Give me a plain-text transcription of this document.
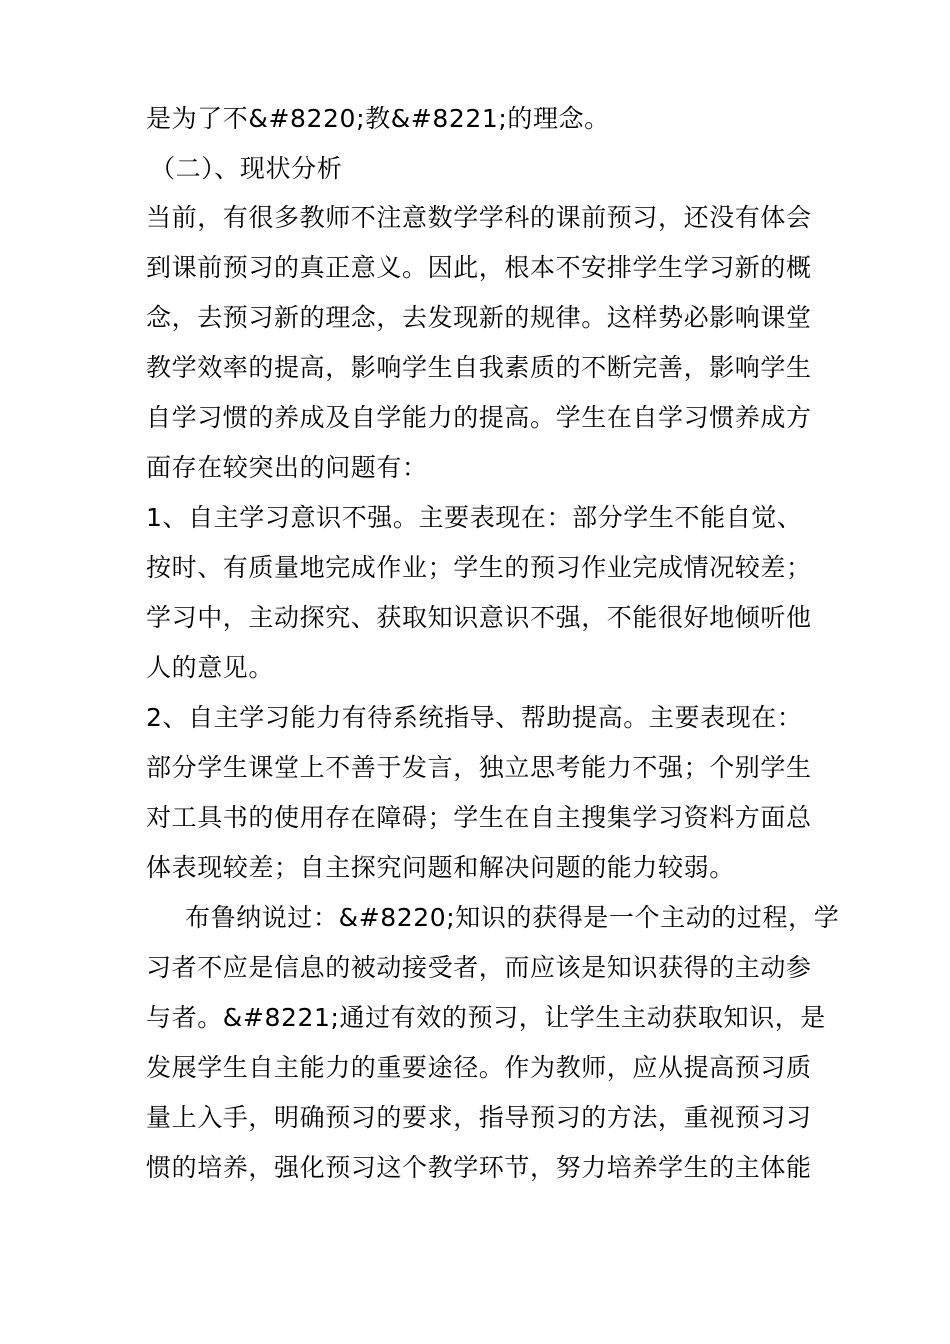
是为了不&#8220;教&#8221;的理念。
（二）、现状分析
当前，有很多教师不注意数学学科的课前预习，还没有体会
到课前预习的真正意义。因此，根本不安排学生学习新的概
念，去预习新的理念，去发现新的规律。这样势必影响课堂
教学效率的提高，影响学生自我素质的不断完善，影响学生
自学习惯的养成及自学能力的提高。学生在自学习惯养成方
面存在较突出的问题有：
1、自主学习意识不强。主要表现在：部分学生不能自觉、
按时、有质量地完成作业；学生的预习作业完成情况较差；
学习中，主动探究、获取知识意识不强，不能很好地倾听他
人的意见。
2、自主学习能力有待系统指导、帮助提高。主要表现在：
部分学生课堂上不善于发言，独立思考能力不强；个别学生
对工具书的使用存在障碍；学生在自主搜集学习资料方面总
体表现较差；自主探究问题和解决问题的能力较弱。
布鲁纳说过：&#8220;知识的获得是一个主动的过程，学
习者不应是信息的被动接受者，而应该是知识获得的主动参
与者。&#8221;通过有效的预习，让学生主动获取知识，是
发展学生自主能力的重要途径。作为教师，应从提高预习质
量上入手，明确预习的要求，指导预习的方法，重视预习习
惯的培养，强化预习这个教学环节，努力培养学生的主体能
